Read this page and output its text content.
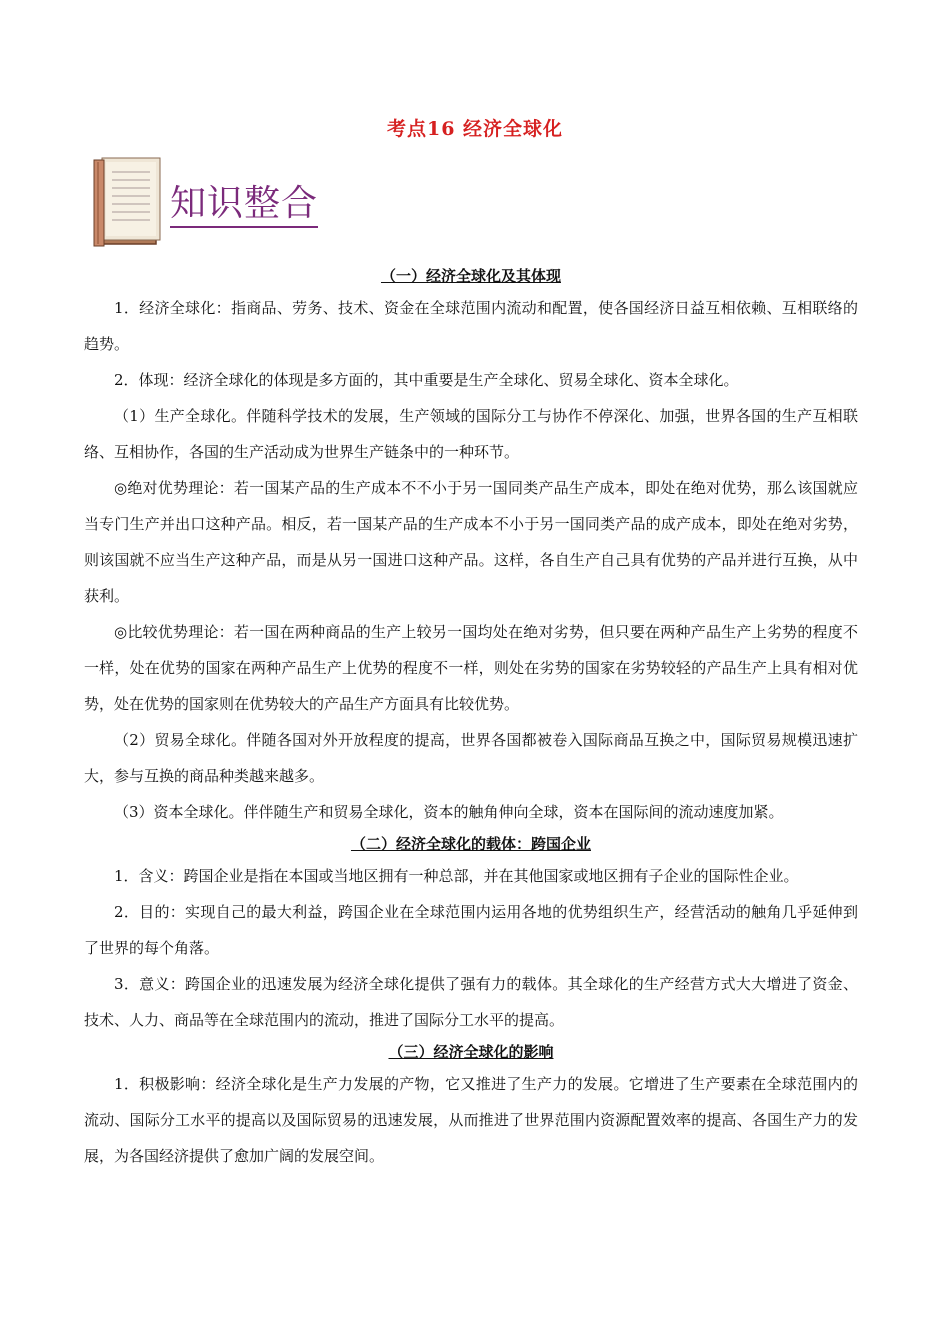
考点16 经济全球化
知识整合
（一）经济全球化及其体现

1．经济全球化：指商品、劳务、技术、资金在全球范围内流动和配置，使各国经济日益互相依赖、互相联络的趋势。

2．体现：经济全球化的体现是多方面的，其中重要是生产全球化、贸易全球化、资本全球化。

（1）生产全球化。伴随科学技术的发展，生产领域的国际分工与协作不停深化、加强，世界各国的生产互相联络、互相协作，各国的生产活动成为世界生产链条中的一种环节。

◎绝对优势理论：若一国某产品的生产成本不不小于另一国同类产品生产成本，即处在绝对优势，那么该国就应当专门生产并出口这种产品。相反，若一国某产品的生产成本不小于另一国同类产品的成产成本，即处在绝对劣势，则该国就不应当生产这种产品，而是从另一国进口这种产品。这样，各自生产自己具有优势的产品并进行互换，从中获利。

◎比较优势理论：若一国在两种商品的生产上较另一国均处在绝对劣势，但只要在两种产品生产上劣势的程度不一样，处在优势的国家在两种产品生产上优势的程度不一样，则处在劣势的国家在劣势较轻的产品生产上具有相对优势，处在优势的国家则在优势较大的产品生产方面具有比较优势。

（2）贸易全球化。伴随各国对外开放程度的提高，世界各国都被卷入国际商品互换之中，国际贸易规模迅速扩大，参与互换的商品种类越来越多。

（3）资本全球化。伴伴随生产和贸易全球化，资本的触角伸向全球，资本在国际间的流动速度加紧。

（二）经济全球化的载体：跨国企业

1．含义：跨国企业是指在本国或当地区拥有一种总部，并在其他国家或地区拥有子企业的国际性企业。

2．目的：实现自己的最大利益，跨国企业在全球范围内运用各地的优势组织生产，经营活动的触角几乎延伸到了世界的每个角落。

3．意义：跨国企业的迅速发展为经济全球化提供了强有力的载体。其全球化的生产经营方式大大增进了资金、技术、人力、商品等在全球范围内的流动，推进了国际分工水平的提高。

（三）经济全球化的影响

1．积极影响：经济全球化是生产力发展的产物，它又推进了生产力的发展。它增进了生产要素在全球范围内的流动、国际分工水平的提高以及国际贸易的迅速发展，从而推进了世界范围内资源配置效率的提高、各国生产力的发展，为各国经济提供了愈加广阔的发展空间。
